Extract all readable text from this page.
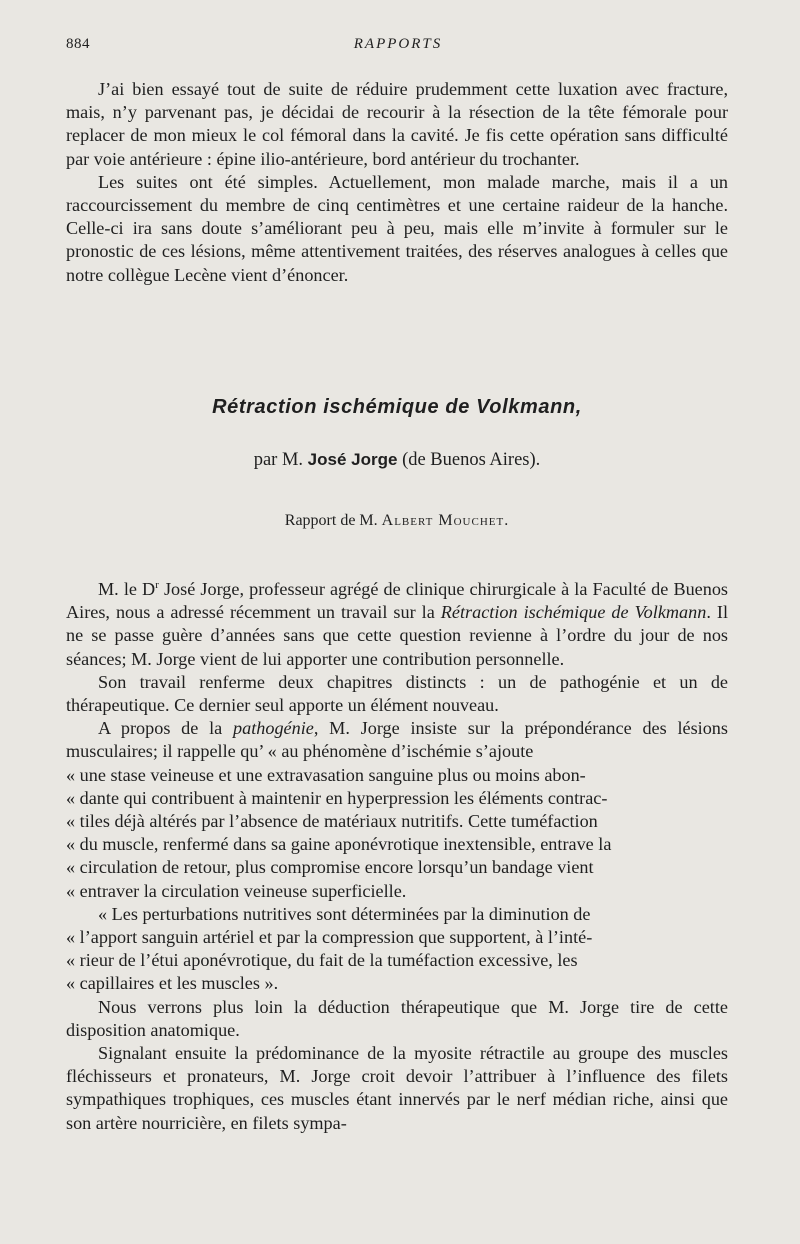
884	RAPPORTS

J’ai bien essayé tout de suite de réduire prudemment cette luxation avec fracture, mais, n’y parvenant pas, je décidai de recourir à la résection de la tête fémorale pour replacer de mon mieux le col fémoral dans la cavité. Je fis cette opération sans difficulté par voie antérieure : épine ilio-antérieure, bord antérieur du trochanter.

Les suites ont été simples. Actuellement, mon malade marche, mais il a un raccourcissement du membre de cinq centimètres et une certaine raideur de la hanche. Celle-ci ira sans doute s’améliorant peu à peu, mais elle m’invite à formuler sur le pronostic de ces lésions, même attentivement traitées, des réserves analogues à celles que notre collègue Lecène vient d’énoncer.

Rétraction ischémique de Volkmann,
par M. José Jorge (de Buenos Aires).
Rapport de M. Albert Mouchet.

M. le $D^r$ José Jorge, professeur agrégé de clinique chirurgicale à la Faculté de Buenos Aires, nous a adressé récemment un travail sur la Rétraction ischémique de Volkmann. Il ne se passe guère d’années sans que cette question revienne à l’ordre du jour de nos séances; M. Jorge vient de lui apporter une contribution personnelle.

Son travail renferme deux chapitres distincts : un de pathogénie et un de thérapeutique. Ce dernier seul apporte un élément nouveau.

A propos de la pathogénie, M. Jorge insiste sur la prépondérance des lésions musculaires; il rappelle qu’ « au phénomène d’ischémie s’ajoute

« une stase veineuse et une extravasation sanguine plus ou moins abon-
« dante qui contribuent à maintenir en hyperpression les éléments contrac-
« tiles déjà altérés par l’absence de matériaux nutritifs. Cette tuméfaction
« du muscle, renfermé dans sa gaine aponévrotique inextensible, entrave la
« circulation de retour, plus compromise encore lorsqu’un bandage vient
« entraver la circulation veineuse superficielle.

« Les perturbations nutritives sont déterminées par la diminution de

« l’apport sanguin artériel et par la compression que supportent, à l’inté-
« rieur de l’étui aponévrotique, du fait de la tuméfaction excessive, les
« capillaires et les muscles ».

Nous verrons plus loin la déduction thérapeutique que M. Jorge tire de cette disposition anatomique.

Signalant ensuite la prédominance de la myosite rétractile au groupe des muscles fléchisseurs et pronateurs, M. Jorge croit devoir l’attribuer à l’influence des filets sympathiques trophiques, ces muscles étant innervés par le nerf médian riche, ainsi que son artère nourricière, en filets sympa-
